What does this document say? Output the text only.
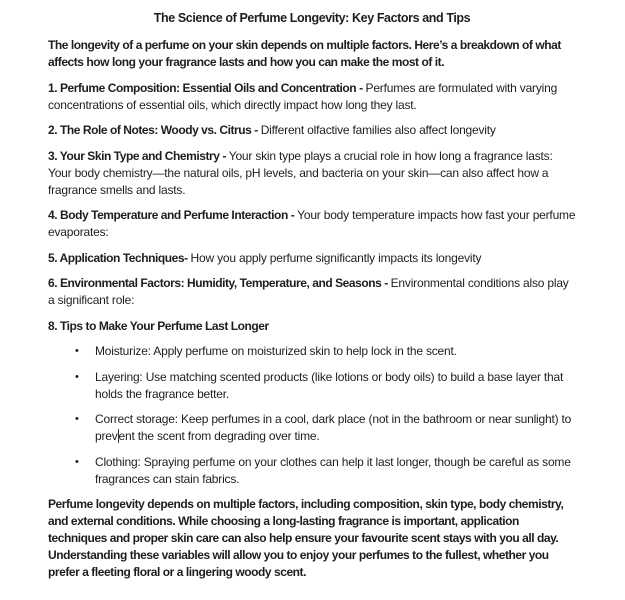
The Science of Perfume Longevity: Key Factors and Tips

The longevity of a perfume on your skin depends on multiple factors. Here’s a breakdown of what affects how long your fragrance lasts and how you can make the most of it.

1. Perfume Composition: Essential Oils and Concentration - Perfumes are formulated with varying concentrations of essential oils, which directly impact how long they last.

2. The Role of Notes: Woody vs. Citrus - Different olfactive families also affect longevity

3. Your Skin Type and Chemistry - Your skin type plays a crucial role in how long a fragrance lasts: Your body chemistry—the natural oils, pH levels, and bacteria on your skin—can also affect how a fragrance smells and lasts.

4. Body Temperature and Perfume Interaction - Your body temperature impacts how fast your perfume evaporates:

5. Application Techniques- How you apply perfume significantly impacts its longevity

6. Environmental Factors: Humidity, Temperature, and Seasons - Environmental conditions also play a significant role:

8. Tips to Make Your Perfume Last Longer

•	Moisturize: Apply perfume on moisturized skin to help lock in the scent.
•	Layering: Use matching scented products (like lotions or body oils) to build a base layer that holds the fragrance better.
•	Correct storage: Keep perfumes in a cool, dark place (not in the bathroom or near sunlight) to prevent the scent from degrading over time.
•	Clothing: Spraying perfume on your clothes can help it last longer, though be careful as some fragrances can stain fabrics.

Perfume longevity depends on multiple factors, including composition, skin type, body chemistry, and external conditions. While choosing a long-lasting fragrance is important, application techniques and proper skin care can also help ensure your favourite scent stays with you all day. Understanding these variables will allow you to enjoy your perfumes to the fullest, whether you prefer a fleeting floral or a lingering woody scent.
